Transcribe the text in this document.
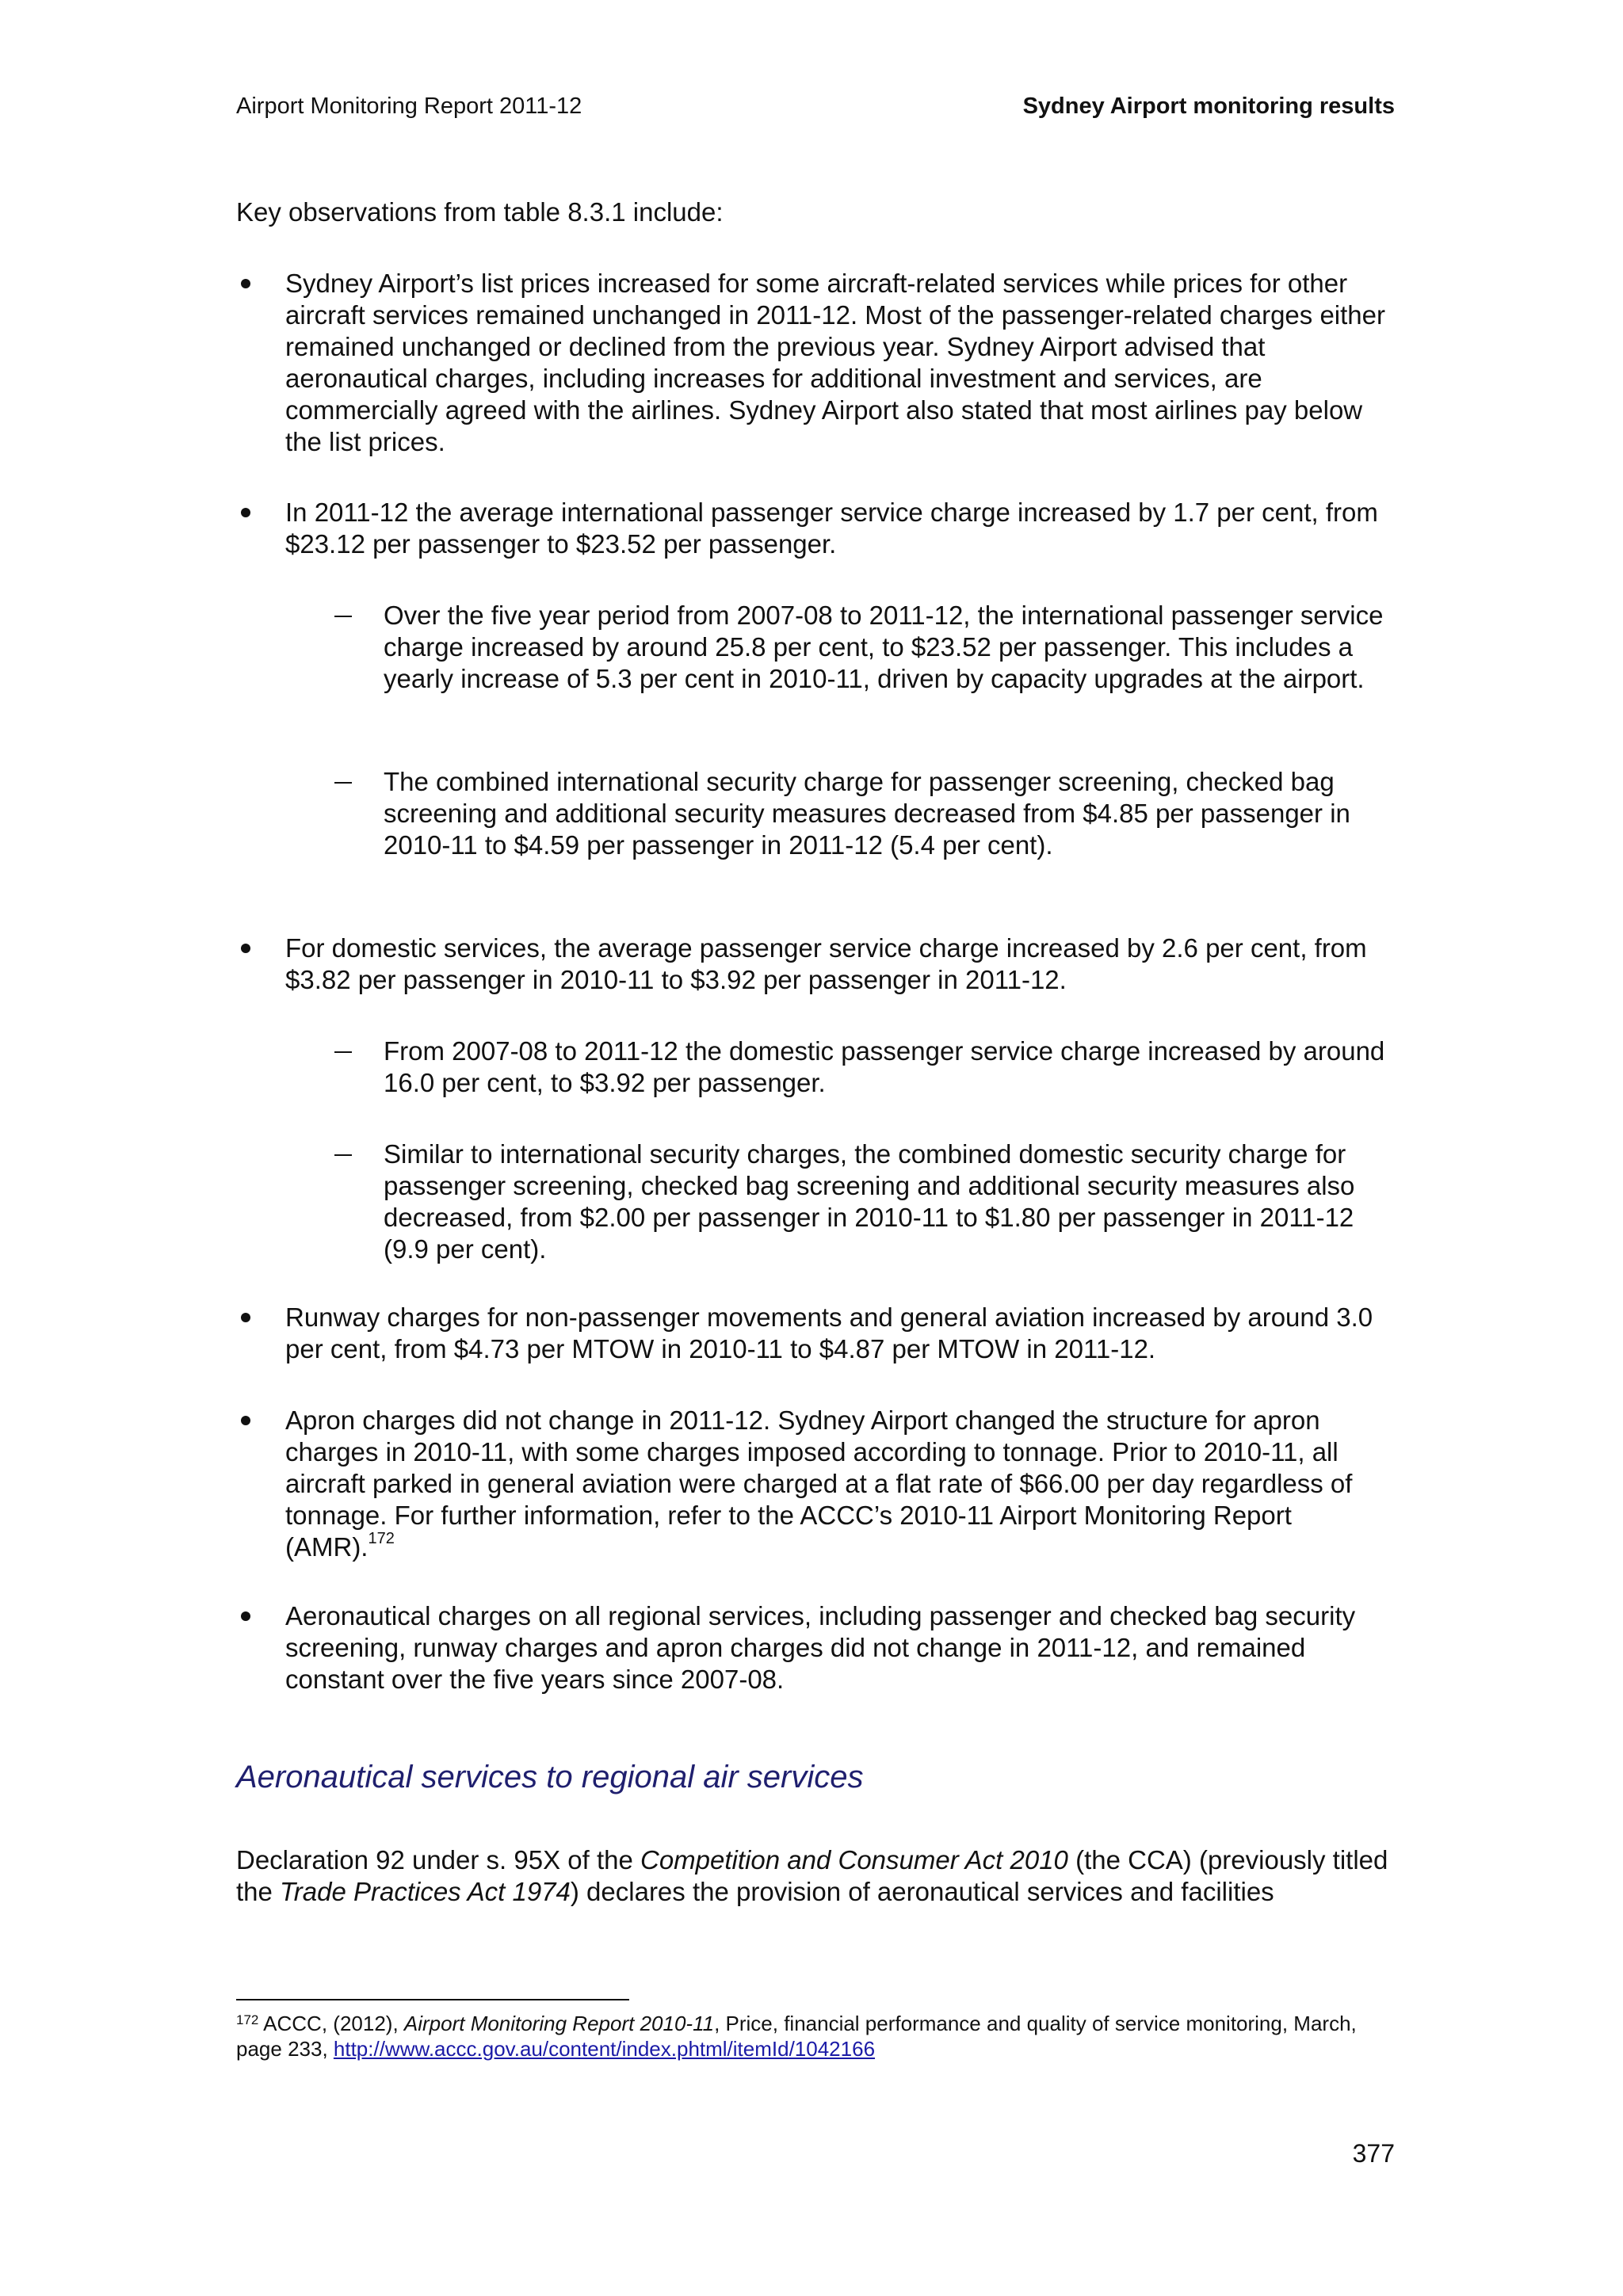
Airport Monitoring Report 2011-12	Sydney Airport monitoring results
Key observations from table 8.3.1 include:
Sydney Airport’s list prices increased for some aircraft-related services while prices for other aircraft services remained unchanged in 2011-12. Most of the passenger-related charges either remained unchanged or declined from the previous year. Sydney Airport advised that aeronautical charges, including increases for additional investment and services, are commercially agreed with the airlines. Sydney Airport also stated that most airlines pay below the list prices.
In 2011-12 the average international passenger service charge increased by 1.7 per cent, from $23.12 per passenger to $23.52 per passenger.
Over the five year period from 2007-08 to 2011-12, the international passenger service charge increased by around 25.8 per cent, to $23.52 per passenger. This includes a yearly increase of 5.3 per cent in 2010-11, driven by capacity upgrades at the airport.
The combined international security charge for passenger screening, checked bag screening and additional security measures decreased from $4.85 per passenger in
2010-11 to $4.59 per passenger in 2011-12 (5.4 per cent).
For domestic services, the average passenger service charge increased by 2.6 per cent, from $3.82 per passenger in 2010-11 to $3.92 per passenger in 2011-12.
From 2007-08 to 2011-12 the domestic passenger service charge increased by around 16.0 per cent, to $3.92 per passenger.
Similar to international security charges, the combined domestic security charge for passenger screening, checked bag screening and additional security measures also decreased, from $2.00 per passenger in 2010-11 to $1.80 per passenger in 2011-12 (9.9 per cent).
Runway charges for non-passenger movements and general aviation increased by around 3.0 per cent, from $4.73 per MTOW in 2010-11 to $4.87 per MTOW in 2011-12.
Apron charges did not change in 2011-12. Sydney Airport changed the structure for apron charges in 2010-11, with some charges imposed according to tonnage. Prior to 2010-11, all aircraft parked in general aviation were charged at a flat rate of $66.00 per day regardless of tonnage. For further information, refer to the ACCC’s 2010-11 Airport Monitoring Report (AMR).$^{172}$
Aeronautical charges on all regional services, including passenger and checked bag security screening, runway charges and apron charges did not change in 2011-12, and remained constant over the five years since 2007-08.
Aeronautical services to regional air services
Declaration 92 under s. 95X of the Competition and Consumer Act 2010 (the CCA) (previously titled the Trade Practices Act 1974) declares the provision of aeronautical services and facilities
$^{172}$ ACCC, (2012), Airport Monitoring Report 2010-11, Price, financial performance and quality of service monitoring, March, page 233, http://www.accc.gov.au/content/index.phtml/itemId/1042166
377
